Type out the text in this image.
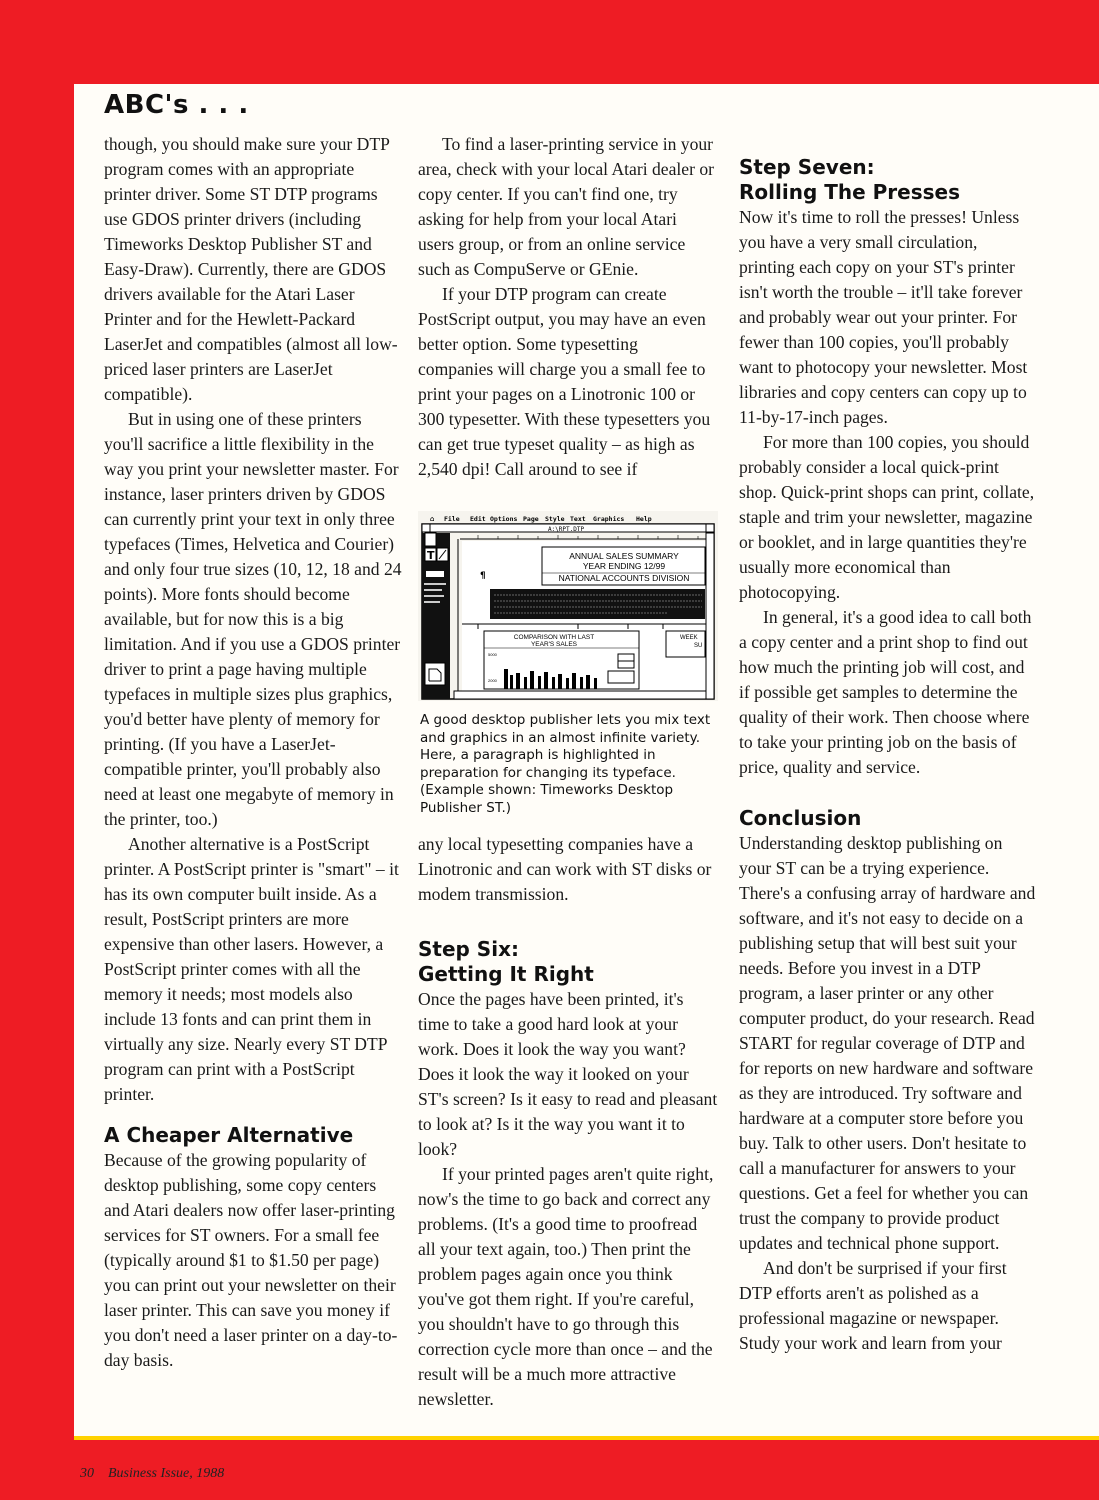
ABC's . . .

though, you should make sure your DTP program comes with an appropriate printer driver. Some ST DTP programs use GDOS printer drivers (including Timeworks Desktop Publisher ST and Easy-Draw). Currently, there are GDOS drivers available for the Atari Laser Printer and for the Hewlett-Packard LaserJet and compatibles (almost all low-priced laser printers are LaserJet compatible).

But in using one of these printers you'll sacrifice a little flexibility in the way you print your newsletter master. For instance, laser printers driven by GDOS can currently print your text in only three typefaces (Times, Helvetica and Courier) and only four true sizes (10, 12, 18 and 24 points). More fonts should become available, but for now this is a big limitation. And if you use a GDOS printer driver to print a page having multiple typefaces in multiple sizes plus graphics, you'd better have plenty of memory for printing. (If you have a LaserJet-compatible printer, you'll probably also need at least one megabyte of memory in the printer, too.)

Another alternative is a PostScript printer. A PostScript printer is "smart" – it has its own computer built inside. As a result, PostScript printers are more expensive than other lasers. However, a PostScript printer comes with all the memory it needs; most models also include 13 fonts and can print them in virtually any size. Nearly every ST DTP program can print with a PostScript printer.

A Cheaper Alternative

Because of the growing popularity of desktop publishing, some copy centers and Atari dealers now offer laser-printing services for ST owners. For a small fee (typically around $1 to $1.50 per page) you can print out your newsletter on their laser printer. This can save you money if you don't need a laser printer on a day-to-day basis.

To find a laser-printing service in your area, check with your local Atari dealer or copy center. If you can't find one, try asking for help from your local Atari users group, or from an online service such as CompuServe or GEnie.

If your DTP program can create PostScript output, you may have an even better option. Some typesetting companies will charge you a small fee to print your pages on a Linotronic 100 or 300 typesetter. With these typesetters you can get true typeset quality – as high as 2,540 dpi! Call around to see if

⌂ File Edit Options Page Style Text Graphics Help
A:\RPT.DTP
T
¶
ANNUAL SALES SUMMARY
YEAR ENDING 12/99
NATIONAL ACCOUNTS DIVISION
COMPARISON WITH LAST
YEAR'S SALES
5000
2000
WEEK
SU
A good desktop publisher lets you mix text and graphics in an almost infinite variety. Here, a paragraph is highlighted in preparation for changing its typeface. (Example shown: Timeworks Desktop Publisher ST.)

any local typesetting companies have a Linotronic and can work with ST disks or modem transmission.

Step Six:
Getting It Right

Once the pages have been printed, it's time to take a good hard look at your work. Does it look the way you want? Does it look the way it looked on your ST's screen? Is it easy to read and pleasant to look at? Is it the way you want it to look?

If your printed pages aren't quite right, now's the time to go back and correct any problems. (It's a good time to proofread all your text again, too.) Then print the problem pages again once you think you've got them right. If you're careful, you shouldn't have to go through this correction cycle more than once – and the result will be a much more attractive newsletter.

Step Seven:
Rolling The Presses

Now it's time to roll the presses! Unless you have a very small circulation, printing each copy on your ST's printer isn't worth the trouble – it'll take forever and probably wear out your printer. For fewer than 100 copies, you'll probably want to photocopy your newsletter. Most libraries and copy centers can copy up to 11-by-17-inch pages.

For more than 100 copies, you should probably consider a local quick-print shop. Quick-print shops can print, collate, staple and trim your newsletter, magazine or booklet, and in large quantities they're usually more economical than photocopying.

In general, it's a good idea to call both a copy center and a print shop to find out how much the printing job will cost, and if possible get samples to determine the quality of their work. Then choose where to take your printing job on the basis of price, quality and service.

Conclusion

Understanding desktop publishing on your ST can be a trying experience. There's a confusing array of hardware and software, and it's not easy to decide on a publishing setup that will best suit your needs. Before you invest in a DTP program, a laser printer or any other computer product, do your research. Read START for regular coverage of DTP and for reports on new hardware and software as they are introduced. Try software and hardware at a computer store before you buy. Talk to other users. Don't hesitate to call a manufacturer for answers to your questions. Get a feel for whether you can trust the company to provide product updates and technical phone support.

And don't be surprised if your first DTP efforts aren't as polished as a professional magazine or newspaper. Study your work and learn from your

30 Business Issue, 1988
